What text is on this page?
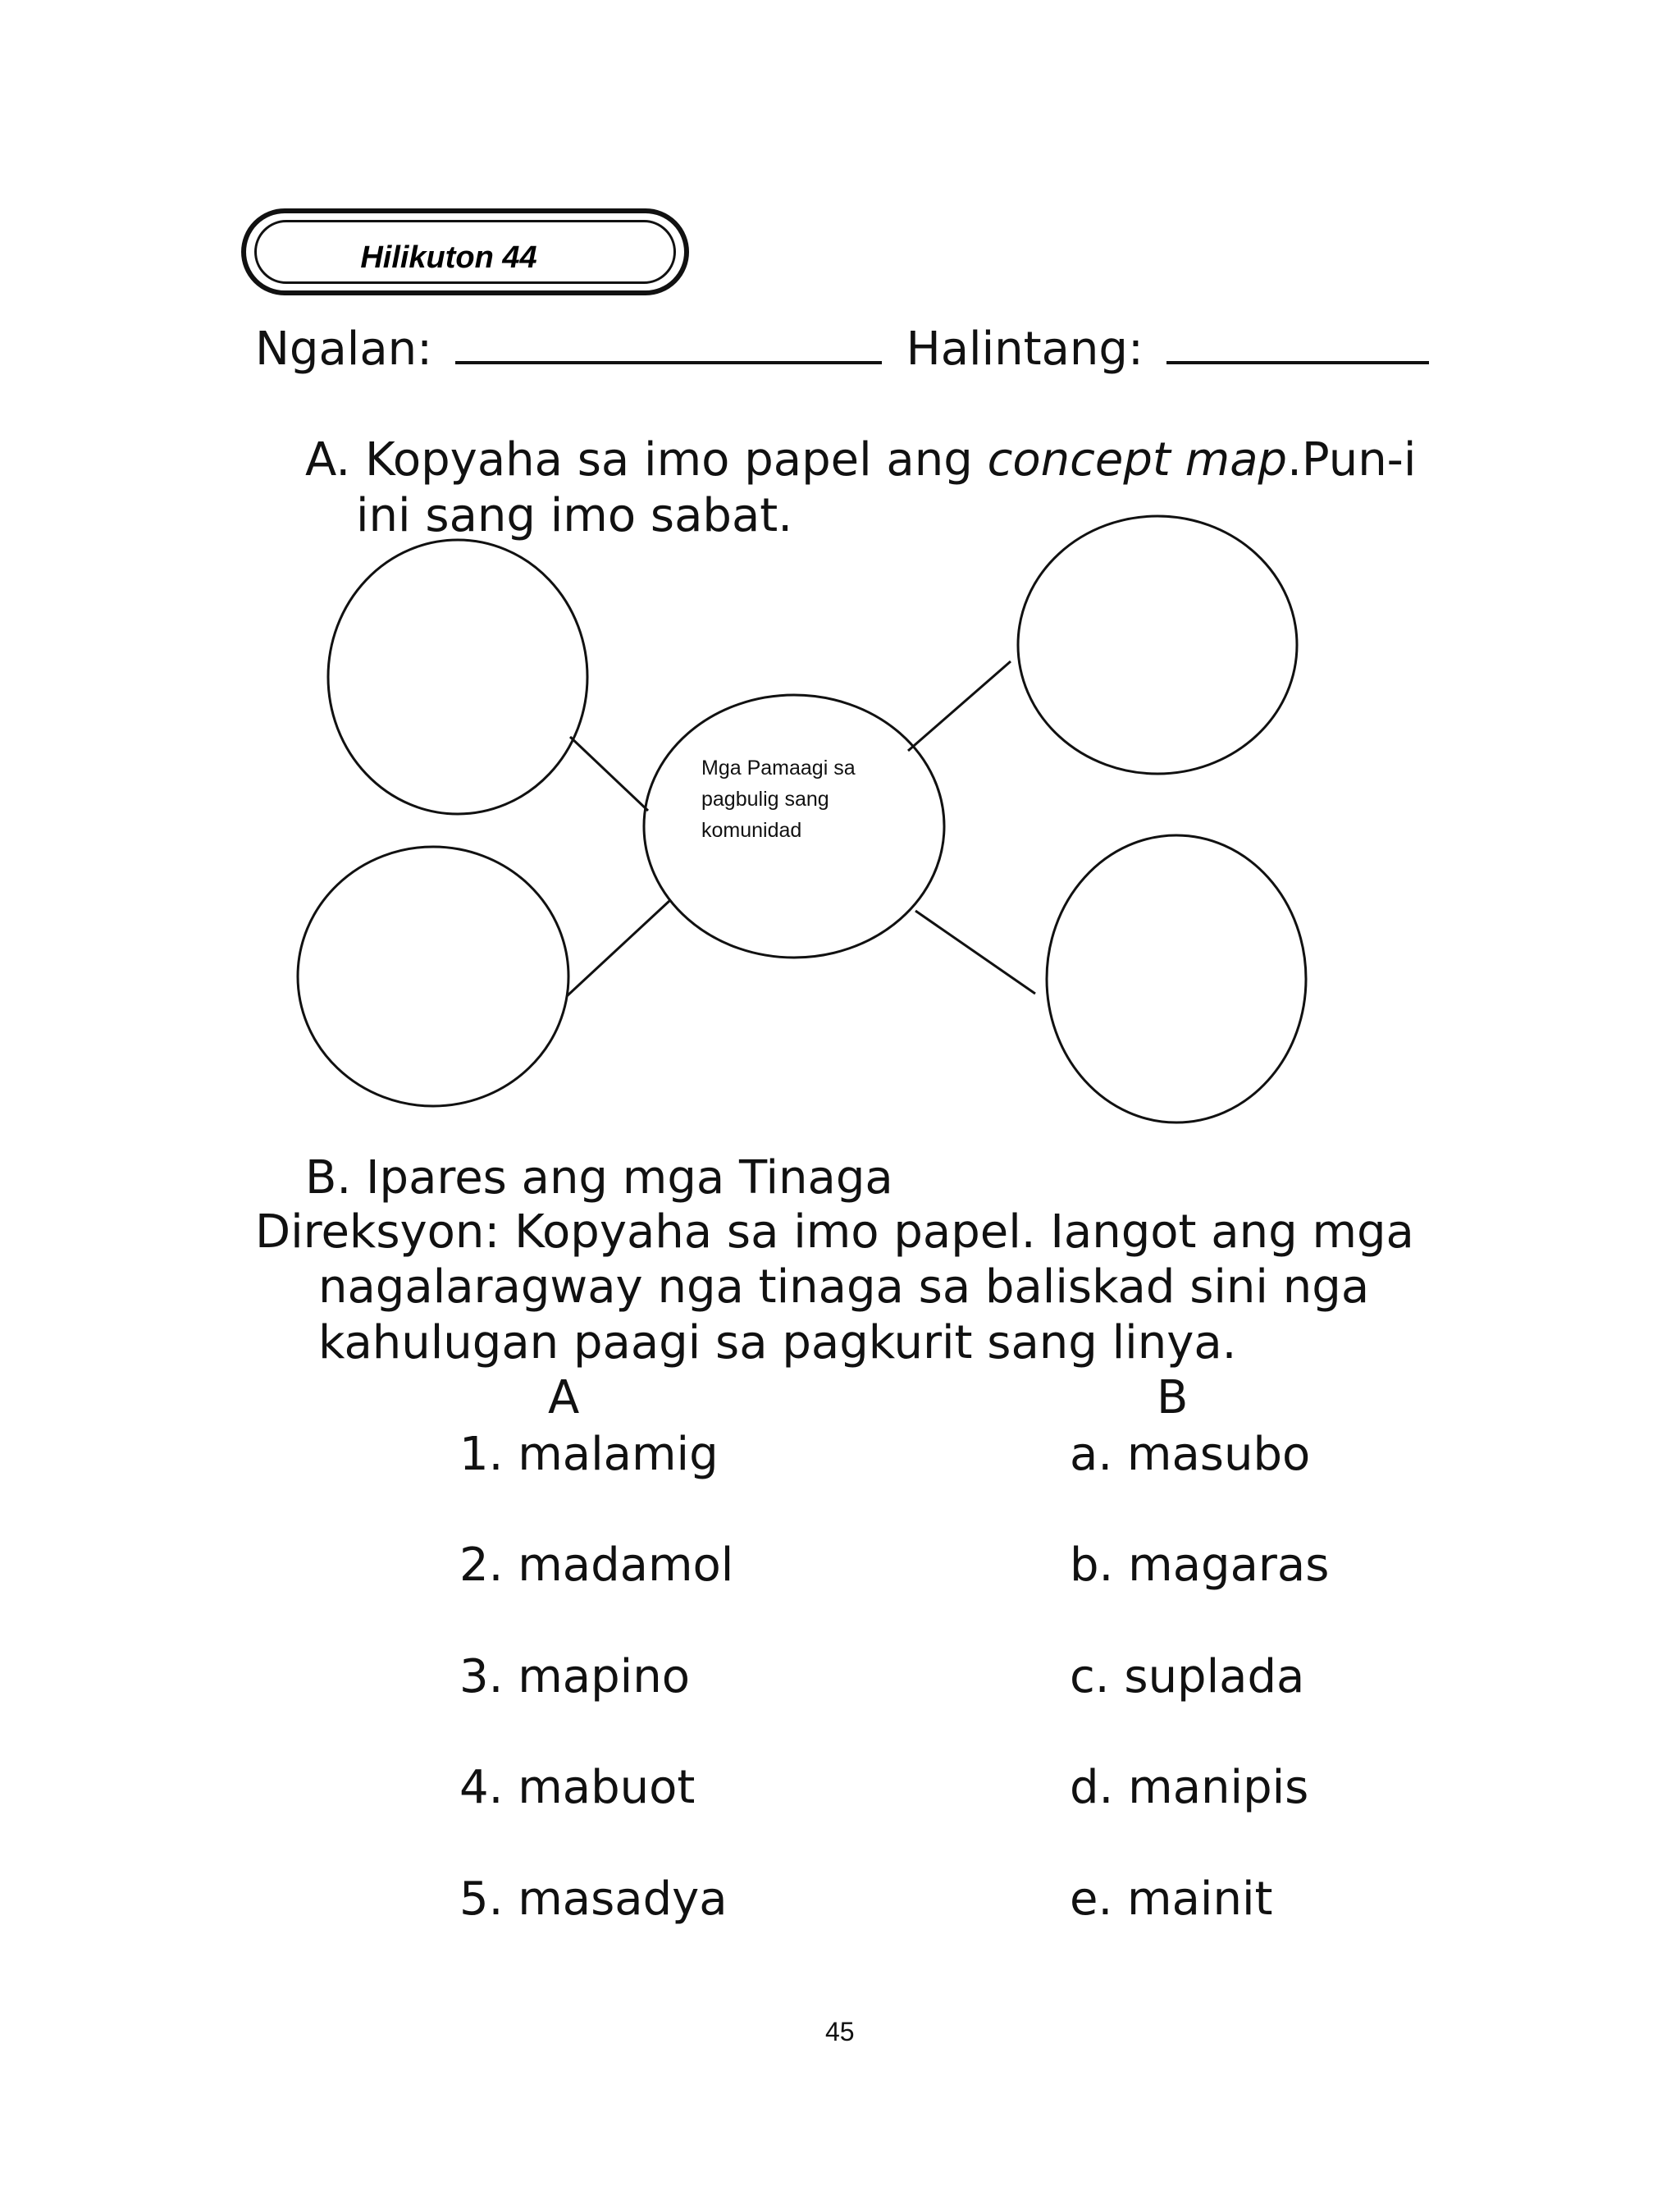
Hilikuton 44
Ngalan:	Halintang:
A. Kopyaha sa imo papel ang concept map.Pun-i
ini sang imo sabat.
Mga Pamaagi sa
pagbulig sang
komunidad
B. Ipares ang mga Tinaga
Direksyon: Kopyaha sa imo papel. Iangot ang mga
nagalaragway nga tinaga sa baliskad sini nga
kahulugan paagi sa pagkurit sang linya.
A	B
1. malamig
2. madamol
3. mapino
4. mabuot
5. masadya
a. masubo
b. magaras
c. suplada
d. manipis
e. mainit
45
